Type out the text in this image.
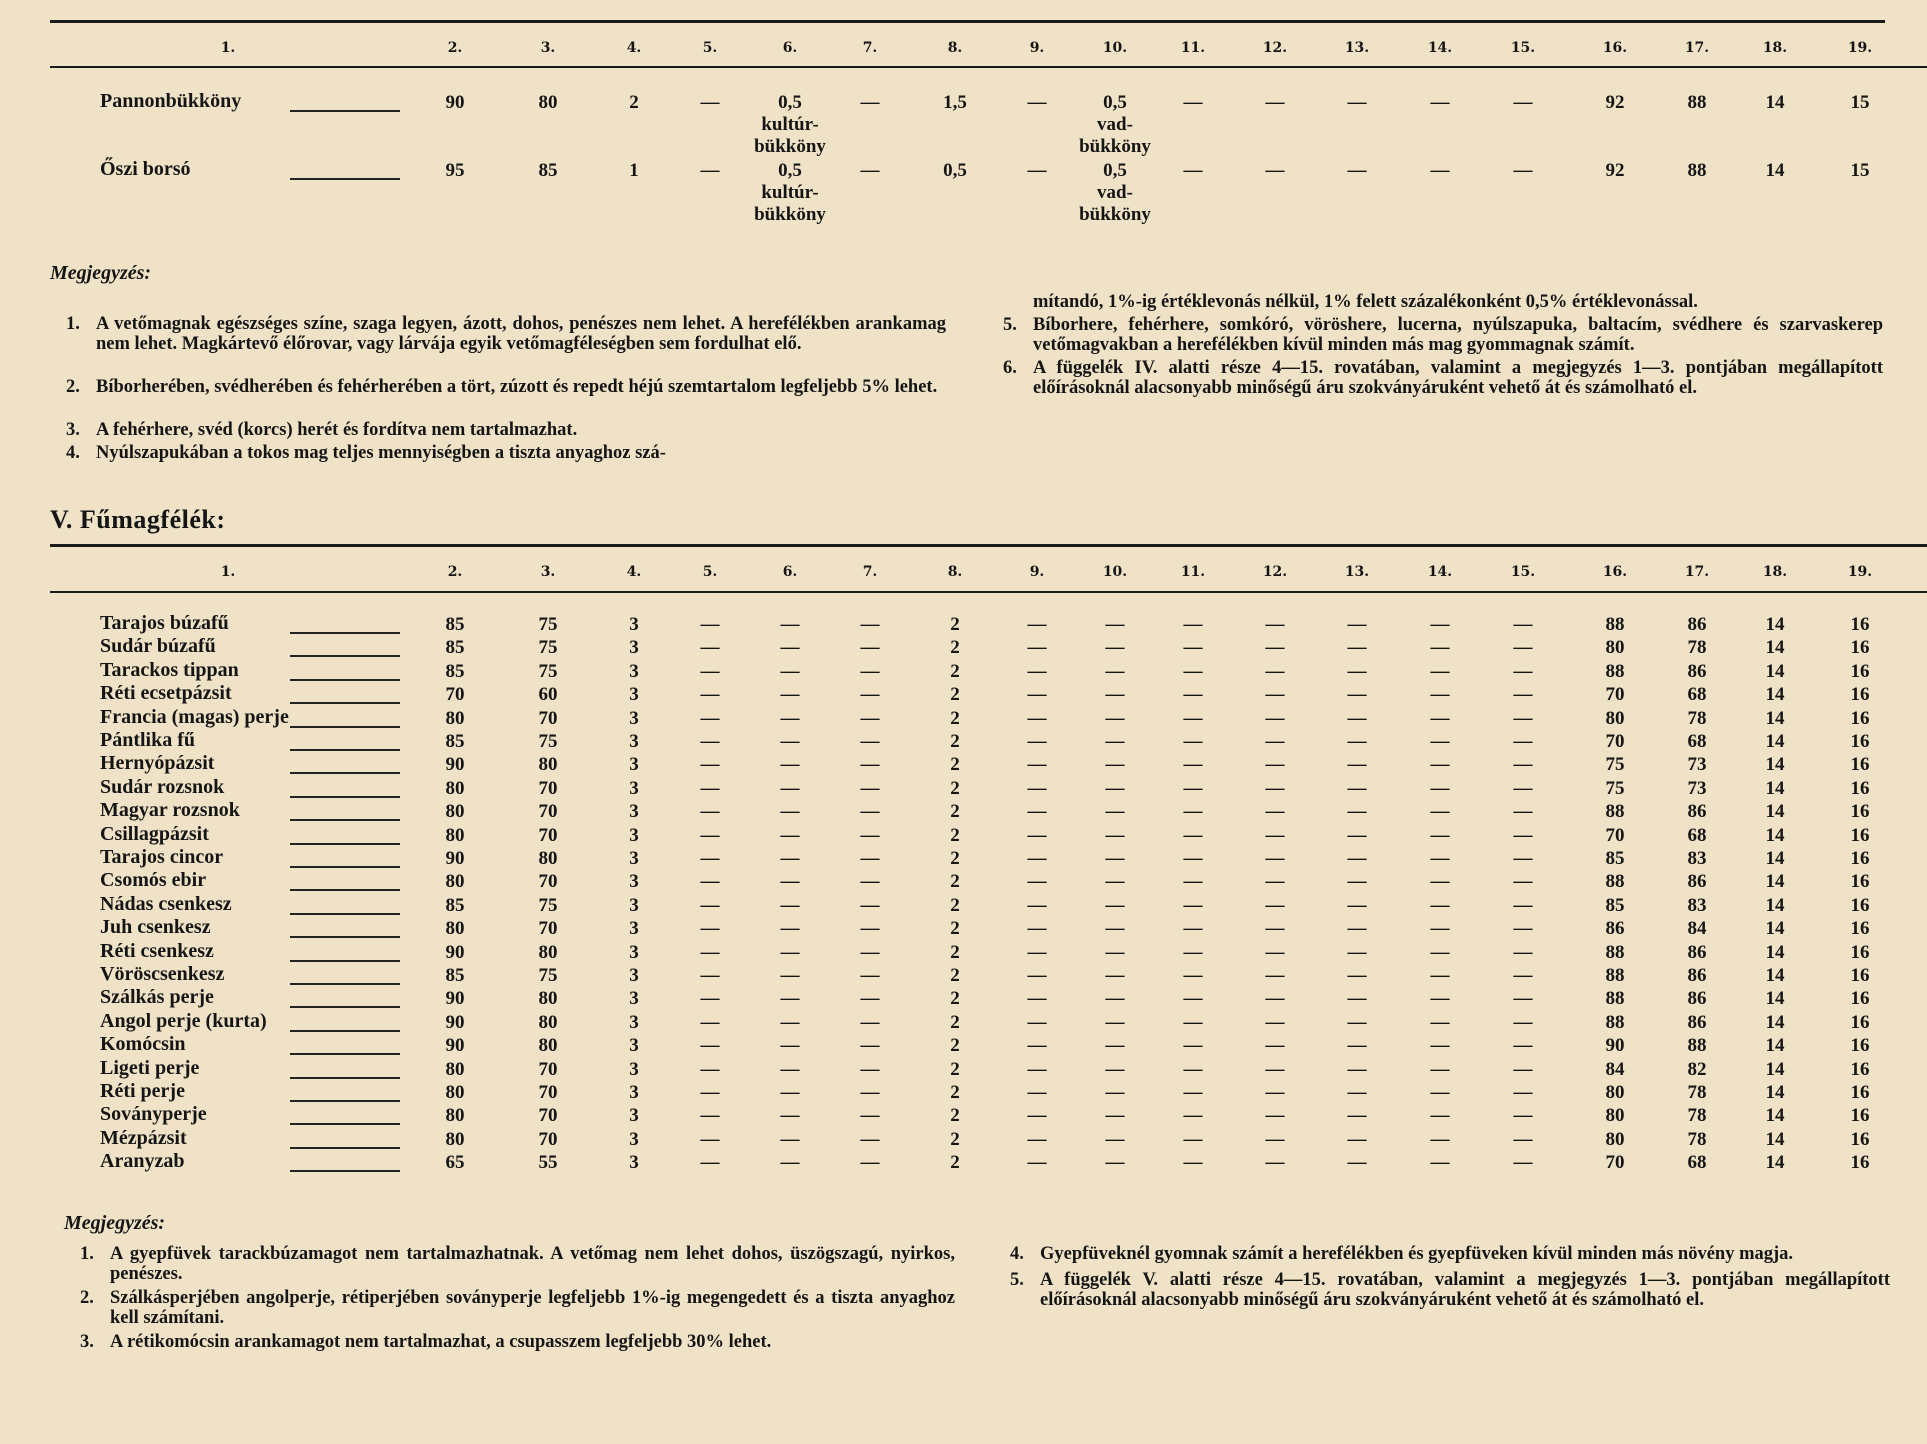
1.	2.	3.	4.	5.	6.	7.	8.	9.	10.	11.	12.	13.	14.	15.	16.	17.	18.	19.
Pannonbükköny	90	80	2	—	0,5
kultúr-
bükköny
—	1,5	—	0,5
vad-
bükköny
—	—	—	—	—	92	88	14	15
Őszi borsó	95	85	1	—	0,5
kultúr-
bükköny
—	0,5	—	0,5
vad-
bükköny
—	—	—	—	—	92	88	14	15
Megjegyzés:
1. A vetőmagnak egészséges színe, szaga legyen, ázott, dohos, penészes nem lehet. A herefélékben arankamag nem lehet. Magkártevő élőrovar, vagy lárvája egyik vetőmagféleségben sem fordulhat elő.
2. Bíborherében, svédherében és fehérherében a tört, zúzott és repedt héjú szemtartalom legfeljebb 5% lehet.
3. A fehérhere, svéd (korcs) herét és fordítva nem tartalmazhat.
4. Nyúlszapukában a tokos mag teljes mennyiségben a tiszta anyaghoz szá-
mítandó, 1%-ig értéklevonás nélkül, 1% felett százalékonként 0,5% értéklevonással.
5. Bíborhere, fehérhere, somkóró, vöröshere, lucerna, nyúlszapuka, baltacím, svédhere és szarvaskerep vetőmagvakban a herefélékben kívül minden más mag gyommagnak számít.
6. A függelék IV. alatti része 4—15. rovatában, valamint a megjegyzés 1—3. pontjában megállapított előírásoknál alacsonyabb minőségű áru szokványáruként vehető át és számolható el.
V. Fűmagfélék:
1.	2.	3.	4.	5.	6.	7.	8.	9.	10.	11.	12.	13.	14.	15.	16.	17.	18.	19.
Tarajos búzafű	85	75	3	—	—	—	2	—	—	—	—	—	—	—	88	86	14	16
Sudár búzafű	85	75	3	—	—	—	2	—	—	—	—	—	—	—	80	78	14	16
Tarackos tippan	85	75	3	—	—	—	2	—	—	—	—	—	—	—	88	86	14	16
Réti ecsetpázsit	70	60	3	—	—	—	2	—	—	—	—	—	—	—	70	68	14	16
Francia (magas) perje	80	70	3	—	—	—	2	—	—	—	—	—	—	—	80	78	14	16
Pántlika fű	85	75	3	—	—	—	2	—	—	—	—	—	—	—	70	68	14	16
Hernyópázsit	90	80	3	—	—	—	2	—	—	—	—	—	—	—	75	73	14	16
Sudár rozsnok	80	70	3	—	—	—	2	—	—	—	—	—	—	—	75	73	14	16
Magyar rozsnok	80	70	3	—	—	—	2	—	—	—	—	—	—	—	88	86	14	16
Csillagpázsit	80	70	3	—	—	—	2	—	—	—	—	—	—	—	70	68	14	16
Tarajos cincor	90	80	3	—	—	—	2	—	—	—	—	—	—	—	85	83	14	16
Csomós ebir	80	70	3	—	—	—	2	—	—	—	—	—	—	—	88	86	14	16
Nádas csenkesz	85	75	3	—	—	—	2	—	—	—	—	—	—	—	85	83	14	16
Juh csenkesz	80	70	3	—	—	—	2	—	—	—	—	—	—	—	86	84	14	16
Réti csenkesz	90	80	3	—	—	—	2	—	—	—	—	—	—	—	88	86	14	16
Vöröscsenkesz	85	75	3	—	—	—	2	—	—	—	—	—	—	—	88	86	14	16
Szálkás perje	90	80	3	—	—	—	2	—	—	—	—	—	—	—	88	86	14	16
Angol perje (kurta)	90	80	3	—	—	—	2	—	—	—	—	—	—	—	88	86	14	16
Komócsin	90	80	3	—	—	—	2	—	—	—	—	—	—	—	90	88	14	16
Ligeti perje	80	70	3	—	—	—	2	—	—	—	—	—	—	—	84	82	14	16
Réti perje	80	70	3	—	—	—	2	—	—	—	—	—	—	—	80	78	14	16
Soványperje	80	70	3	—	—	—	2	—	—	—	—	—	—	—	80	78	14	16
Mézpázsit	80	70	3	—	—	—	2	—	—	—	—	—	—	—	80	78	14	16
Aranyzab	65	55	3	—	—	—	2	—	—	—	—	—	—	—	70	68	14	16
Megjegyzés:
1. A gyepfüvek tarackbúzamagot nem tartalmazhatnak. A vetőmag nem lehet dohos, üszögszagú, nyirkos, penészes.
2. Szálkásperjében angolperje, rétiperjében soványperje legfeljebb 1%-ig megengedett és a tiszta anyaghoz kell számítani.
3. A rétikomócsin arankamagot nem tartalmazhat, a csupasszem legfeljebb 30% lehet.
4. Gyepfüveknél gyomnak számít a herefélékben és gyepfüveken kívül minden más növény magja.
5. A függelék V. alatti része 4—15. rovatában, valamint a megjegyzés 1—3. pontjában megállapított előírásoknál alacsonyabb minőségű áru szokványáruként vehető át és számolható el.
